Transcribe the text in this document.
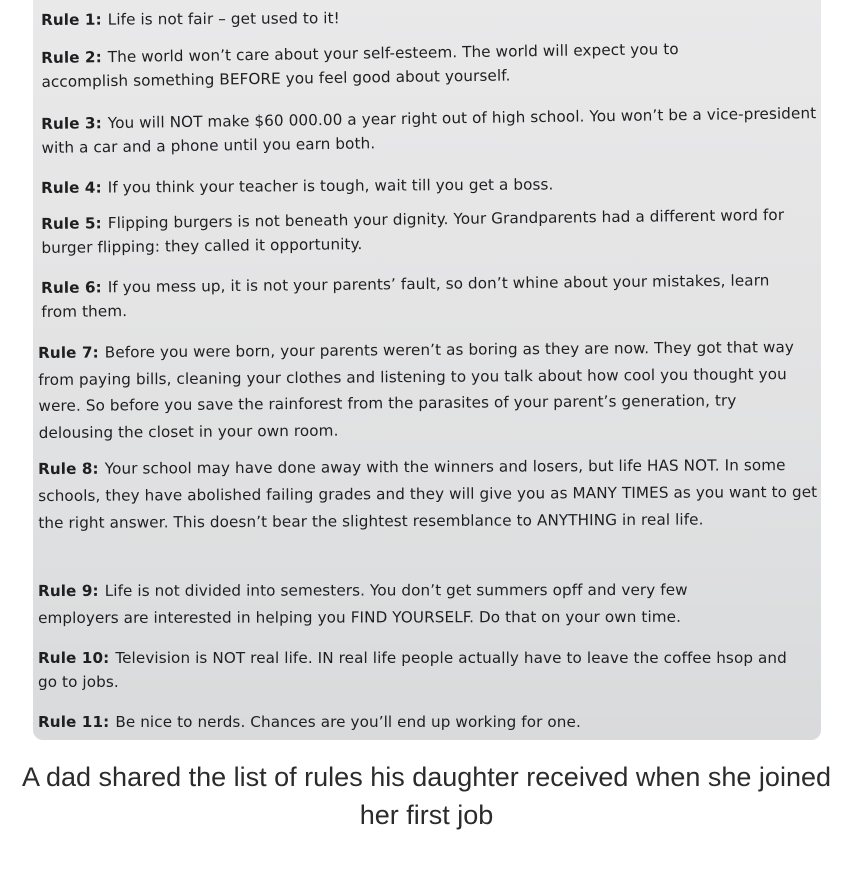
Rule 1: Life is not fair – get used to it!
Rule 2: The world won’t care about your self-esteem. The world will expect you to accomplish something BEFORE you feel good about yourself.
Rule 3: You will NOT make $60 000.00 a year right out of high school. You won’t be a vice-president with a car and a phone until you earn both.
Rule 4: If you think your teacher is tough, wait till you get a boss.
Rule 5: Flipping burgers is not beneath your dignity. Your Grandparents had a different word for burger flipping: they called it opportunity.
Rule 6: If you mess up, it is not your parents’ fault, so don’t whine about your mistakes, learn from them.
Rule 7: Before you were born, your parents weren’t as boring as they are now. They got that way from paying bills, cleaning your clothes and listening to you talk about how cool you thought you were. So before you save the rainforest from the parasites of your parent’s generation, try delousing the closet in your own room.
Rule 8: Your school may have done away with the winners and losers, but life HAS NOT. In some schools, they have abolished failing grades and they will give you as MANY TIMES as you want to get the right answer. This doesn’t bear the slightest resemblance to ANYTHING in real life.
Rule 9: Life is not divided into semesters. You don’t get summers opff and very few employers are interested in helping you FIND YOURSELF. Do that on your own time.
Rule 10: Television is NOT real life. IN real life people actually have to leave the coffee hsop and go to jobs.
Rule 11: Be nice to nerds. Chances are you’ll end up working for one.
A dad shared the list of rules his daughter received when she joined her first job
